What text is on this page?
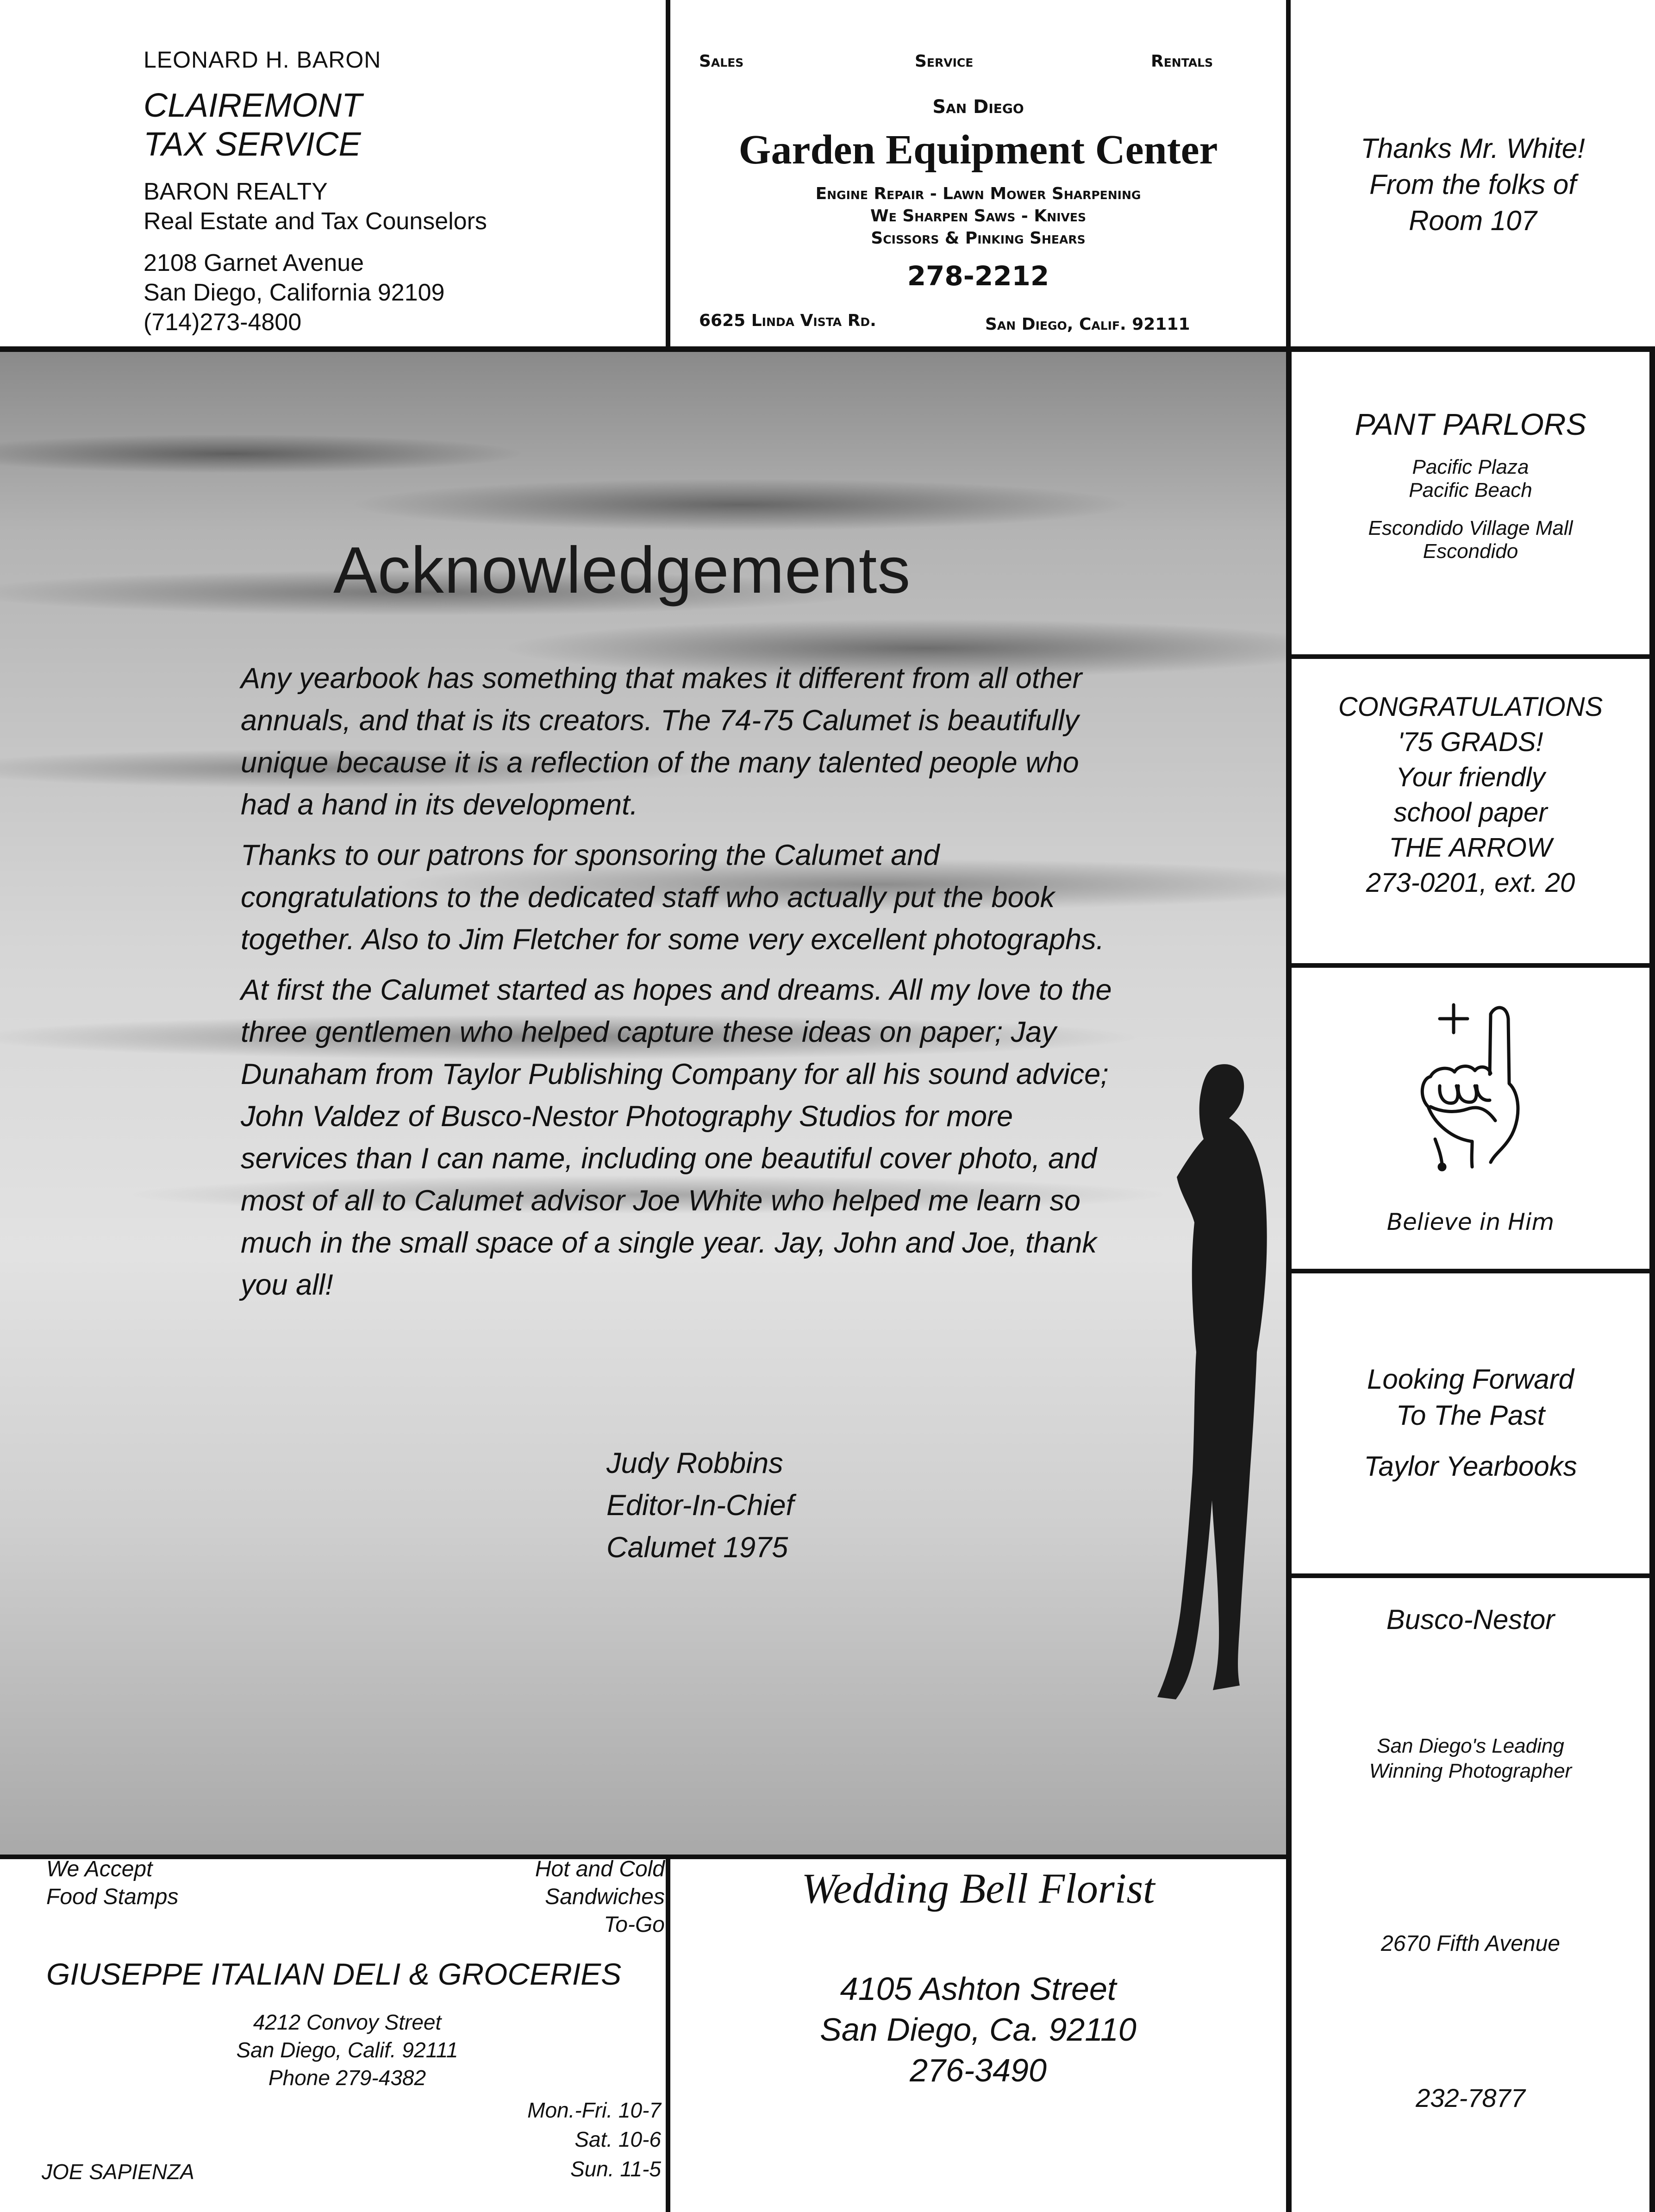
LEONARD H. BARON
CLAIREMONT
TAX SERVICE
BARON REALTY
Real Estate and Tax Counselors
2108 Garnet Avenue
San Diego, California 92109
(714)273-4800
Sales	Service	Rentals
San Diego
Garden Equipment Center
Engine Repair - Lawn Mower Sharpening
We Sharpen Saws - Knives
Scissors & Pinking Shears
278-2212
6625 Linda Vista Rd.	San Diego, Calif. 92111
Thanks Mr. White!
From the folks of
Room 107
Acknowledgements

Any yearbook has something that makes it different from all other annuals, and that is its creators. The 74-75 Calumet is beautifully unique because it is a reflection of the many talented people who had a hand in its development.

Thanks to our patrons for sponsoring the Calumet and congratulations to the dedicated staff who actually put the book together. Also to Jim Fletcher for some very excellent photographs.

At first the Calumet started as hopes and dreams. All my love to the three gentlemen who helped capture these ideas on paper; Jay Dunaham from Taylor Publishing Company for all his sound advice; John Valdez of Busco-Nestor Photography Studios for more services than I can name, including one beautiful cover photo, and most of all to Calumet advisor Joe White who helped me learn so much in the small space of a single year. Jay, John and Joe, thank you all!

Judy Robbins
Editor-In-Chief
Calumet 1975
PANT PARLORS
Pacific Plaza
Pacific Beach
Escondido Village Mall
Escondido
CONGRATULATIONS
'75 GRADS!
Your friendly
school paper
THE ARROW
273-0201, ext. 20
Believe in Him
Looking Forward
To The Past
Taylor Yearbooks
Busco-Nestor
San Diego's Leading
Winning Photographer
2670 Fifth Avenue
232-7877
We Accept
Food Stamps
Hot and Cold
Sandwiches
To-Go
GIUSEPPE ITALIAN DELI & GROCERIES
4212 Convoy Street
San Diego, Calif. 92111
Phone 279-4382
Mon.-Fri. 10-7
Sat. 10-6
Sun. 11-5
JOE SAPIENZA
Wedding Bell Florist
4105 Ashton Street
San Diego, Ca. 92110
276-3490
